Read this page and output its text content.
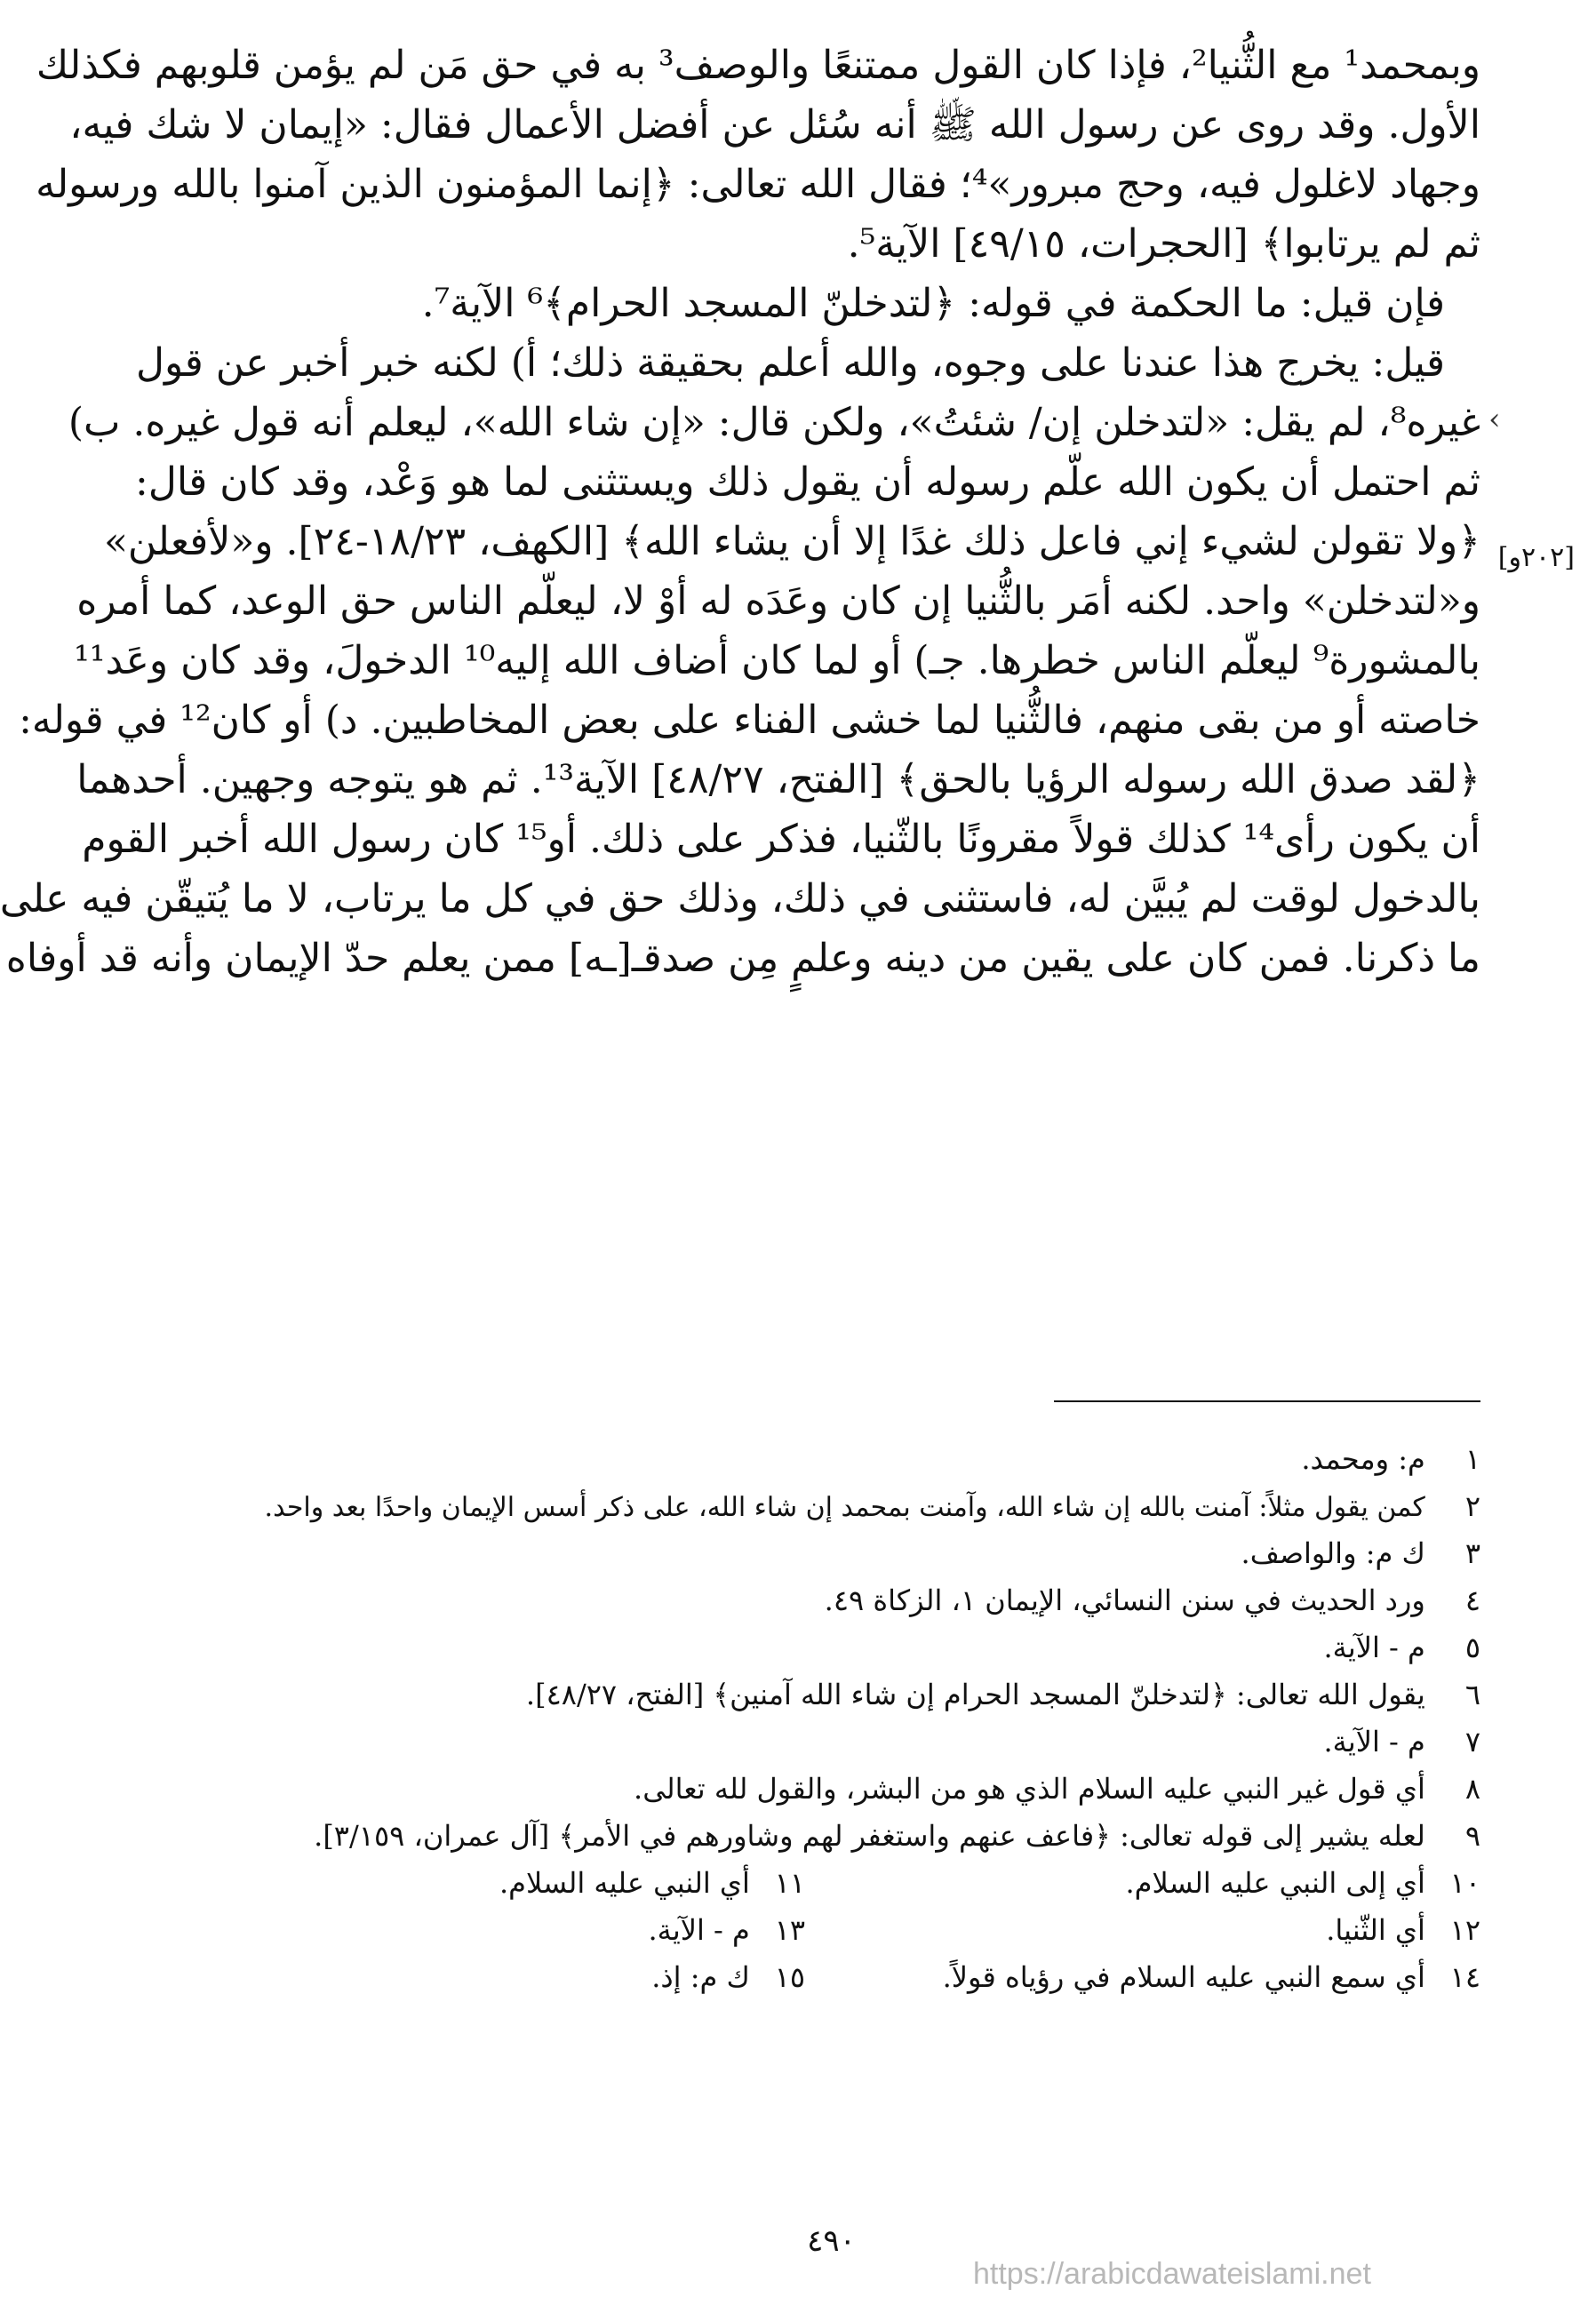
وبمحمد¹ مع الثُّنيا²، فإذا كان القول ممتنعًا والوصف³ به في حق مَن لم يؤمن قلوبهم فكذلك
الأول. وقد روى عن رسول الله ﷺ أنه سُئل عن أفضل الأعمال فقال: «إيمان لا شك فيه،
وجهاد لاغلول فيه، وحج مبرور»⁴؛ فقال الله تعالى: ﴿إنما المؤمنون الذين آمنوا بالله ورسوله
ثم لم يرتابوا﴾ [الحجرات، ٤٩/١٥] الآية⁵.
فإن قيل: ما الحكمة في قوله: ﴿لتدخلنّ المسجد الحرام﴾⁶ الآية⁷.
قيل: يخرج هذا عندنا على وجوه، والله أعلم بحقيقة ذلك؛ أ) لكنه خبر أخبر عن قول
غيره⁸، لم يقل: «لتدخلن إن/ شئتُ»، ولكن قال: «إن شاء الله»، ليعلم أنه قول غيره. ب)
ثم احتمل أن يكون الله علّم رسوله أن يقول ذلك ويستثنى لما هو وَعْد، وقد كان قال:
﴿ولا تقولن لشيء إني فاعل ذلك غدًا إلا أن يشاء الله﴾ [الكهف، ١٨/٢٣-٢٤]. و«لأفعلن»
و«لتدخلن» واحد. لكنه أمَر بالثُّنيا إن كان وعَدَه له أوْ لا، ليعلّم الناس حق الوعد، كما أمره
بالمشورة⁹ ليعلّم الناس خطرها. جـ) أو لما كان أضاف الله إليه¹⁰ الدخولَ، وقد كان وعَد¹¹
خاصته أو من بقى منهم، فالثُّنيا لما خشى الفناء على بعض المخاطبين. د) أو كان¹² في قوله:
﴿لقد صدق الله رسوله الرؤيا بالحق﴾ [الفتح، ٤٨/٢٧] الآية¹³. ثم هو يتوجه وجهين. أحدهما
أن يكون رأى¹⁴ كذلك قولاً مقرونًا بالثّنيا، فذكر على ذلك. أو¹⁵ كان رسول الله أخبر القوم
بالدخول لوقت لم يُبيَّن له، فاستثنى في ذلك، وذلك حق في كل ما يرتاب، لا ما يُتيقّن فيه على
ما ذكرنا. فمن كان على يقين من دينه وعلمٍ مِن صدقـ[ـه] ممن يعلم حدّ الإيمان وأنه قد أوفاه
[٢٠٢و]
›
١ م: ومحمد.
٢ كمن يقول مثلاً: آمنت بالله إن شاء الله، وآمنت بمحمد إن شاء الله، على ذكر أسس الإيمان واحدًا بعد واحد.
٣ ك م: والواصف.
٤ ورد الحديث في سنن النسائي، الإيمان ١، الزكاة ٤٩.
٥ م - الآية.
٦ يقول الله تعالى: ﴿لتدخلنّ المسجد الحرام إن شاء الله آمنين﴾ [الفتح، ٤٨/٢٧].
٧ م - الآية.
٨ أي قول غير النبي عليه السلام الذي هو من البشر، والقول لله تعالى.
٩ لعله يشير إلى قوله تعالى: ﴿فاعف عنهم واستغفر لهم وشاورهم في الأمر﴾ [آل عمران، ٣/١٥٩].
١٠ أي إلى النبي عليه السلام.
١١ أي النبي عليه السلام.
١٢ أي الثّنيا.
١٣ م - الآية.
١٤ أي سمع النبي عليه السلام في رؤياه قولاً.
١٥ ك م: إذ.
٤٩٠
https://arabicdawateislami.net
